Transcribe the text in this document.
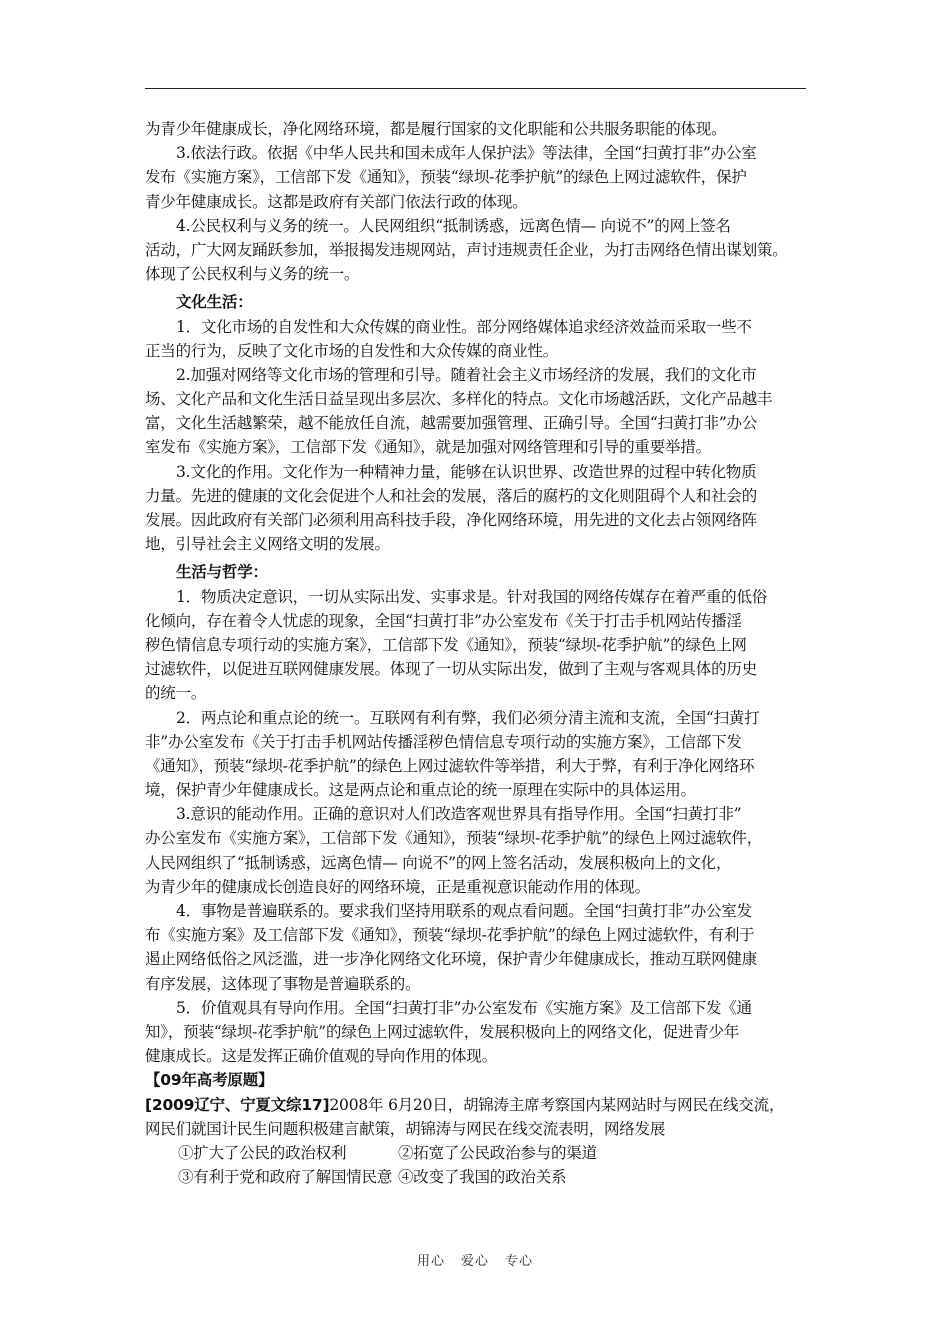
为青少年健康成长，净化网络环境，都是履行国家的文化职能和公共服务职能的体现。
3.依法行政。依据《中华人民共和国未成年人保护法》等法律，全国“扫黄打非”办公室
发布《实施方案》，工信部下发《通知》，预装“绿坝-花季护航”的绿色上网过滤软件，保护
青少年健康成长。这都是政府有关部门依法行政的体现。
4.公民权利与义务的统一。人民网组织“抵制诱惑，远离色情— 向说不”的网上签名
活动，广大网友踊跃参加，举报揭发违规网站，声讨违规责任企业，为打击网络色情出谋划策。
体现了公民权利与义务的统一。
文化生活：
1．文化市场的自发性和大众传媒的商业性。部分网络媒体追求经济效益而采取一些不
正当的行为，反映了文化市场的自发性和大众传媒的商业性。
2.加强对网络等文化市场的管理和引导。随着社会主义市场经济的发展，我们的文化市
场、文化产品和文化生活日益呈现出多层次、多样化的特点。文化市场越活跃，文化产品越丰
富，文化生活越繁荣，越不能放任自流，越需要加强管理、正确引导。全国“扫黄打非”办公
室发布《实施方案》，工信部下发《通知》，就是加强对网络管理和引导的重要举措。
3.文化的作用。文化作为一种精神力量，能够在认识世界、改造世界的过程中转化物质
力量。先进的健康的文化会促进个人和社会的发展，落后的腐朽的文化则阻碍个人和社会的
发展。因此政府有关部门必须利用高科技手段，净化网络环境，用先进的文化去占领网络阵
地，引导社会主义网络文明的发展。
生活与哲学：
1．物质决定意识，一切从实际出发、实事求是。针对我国的网络传媒存在着严重的低俗
化倾向，存在着令人忧虑的现象，全国“扫黄打非”办公室发布《关于打击手机网站传播淫
秽色情信息专项行动的实施方案》，工信部下发《通知》，预装“绿坝-花季护航”的绿色上网
过滤软件，以促进互联网健康发展。体现了一切从实际出发，做到了主观与客观具体的历史
的统一。
2．两点论和重点论的统一。互联网有利有弊，我们必须分清主流和支流，全国“扫黄打
非”办公室发布《关于打击手机网站传播淫秽色情信息专项行动的实施方案》，工信部下发
《通知》，预装“绿坝-花季护航”的绿色上网过滤软件等举措，利大于弊，有利于净化网络环
境，保护青少年健康成长。这是两点论和重点论的统一原理在实际中的具体运用。
3.意识的能动作用。正确的意识对人们改造客观世界具有指导作用。全国“扫黄打非”
办公室发布《实施方案》，工信部下发《通知》，预装“绿坝-花季护航”的绿色上网过滤软件，
人民网组织了“抵制诱惑，远离色情— 向说不”的网上签名活动，发展积极向上的文化，
为青少年的健康成长创造良好的网络环境，正是重视意识能动作用的体现。
4．事物是普遍联系的。要求我们坚持用联系的观点看问题。全国“扫黄打非”办公室发
布《实施方案》及工信部下发《通知》，预装“绿坝-花季护航”的绿色上网过滤软件，有利于
遏止网络低俗之风泛滥，进一步净化网络文化环境，保护青少年健康成长，推动互联网健康
有序发展，这体现了事物是普遍联系的。
5．价值观具有导向作用。全国“扫黄打非”办公室发布《实施方案》及工信部下发《通
知》，预装“绿坝-花季护航”的绿色上网过滤软件，发展积极向上的网络文化，促进青少年
健康成长。这是发挥正确价值观的导向作用的体现。
【09年高考原题】
[2009辽宁、宁夏文综17]2008年 6月20日，胡锦涛主席考察国内某网站时与网民在线交流，
网民们就国计民生问题积极建言献策，胡锦涛与网民在线交流表明，网络发展
①扩大了公民的政治权利	②拓宽了公民政治参与的渠道
③有利于党和政府了解国情民意 ④改变了我国的政治关系
用心 爱心 专心
